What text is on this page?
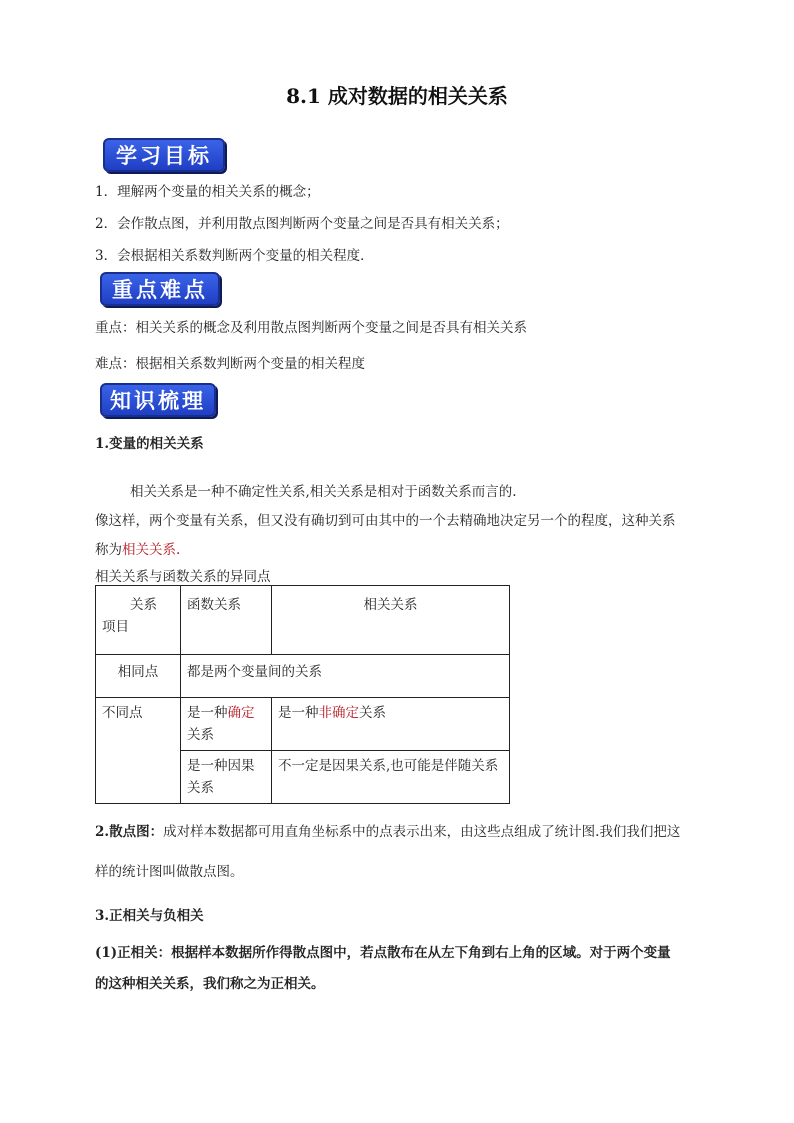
8.1 成对数据的相关关系
学习目标
1．理解两个变量的相关关系的概念；
2．会作散点图，并利用散点图判断两个变量之间是否具有相关关系；
3．会根据相关系数判断两个变量的相关程度．
重点难点
重点：相关关系的概念及利用散点图判断两个变量之间是否具有相关关系
难点：根据相关系数判断两个变量的相关程度
知识梳理
1.变量的相关关系
相关关系是一种不确定性关系,相关关系是相对于函数关系而言的.
像这样，两个变量有关系，但又没有确切到可由其中的一个去精确地决定另一个的程度，这种关系
称为相关关系.
相关关系与函数关系的异同点
关系
项目	函数关系	相关关系
相同点	都是两个变量间的关系	
不同点	是一种确定关系	是一种非确定关系
	是一种因果关系	不一定是因果关系,也可能是伴随关系
2.散点图：成对样本数据都可用直角坐标系中的点表示出来，由这些点组成了统计图.我们我们把这
样的统计图叫做散点图。
3.正相关与负相关
(1)正相关：根据样本数据所作得散点图中，若点散布在从左下角到右上角的区域。对于两个变量
的这种相关关系，我们称之为正相关。
